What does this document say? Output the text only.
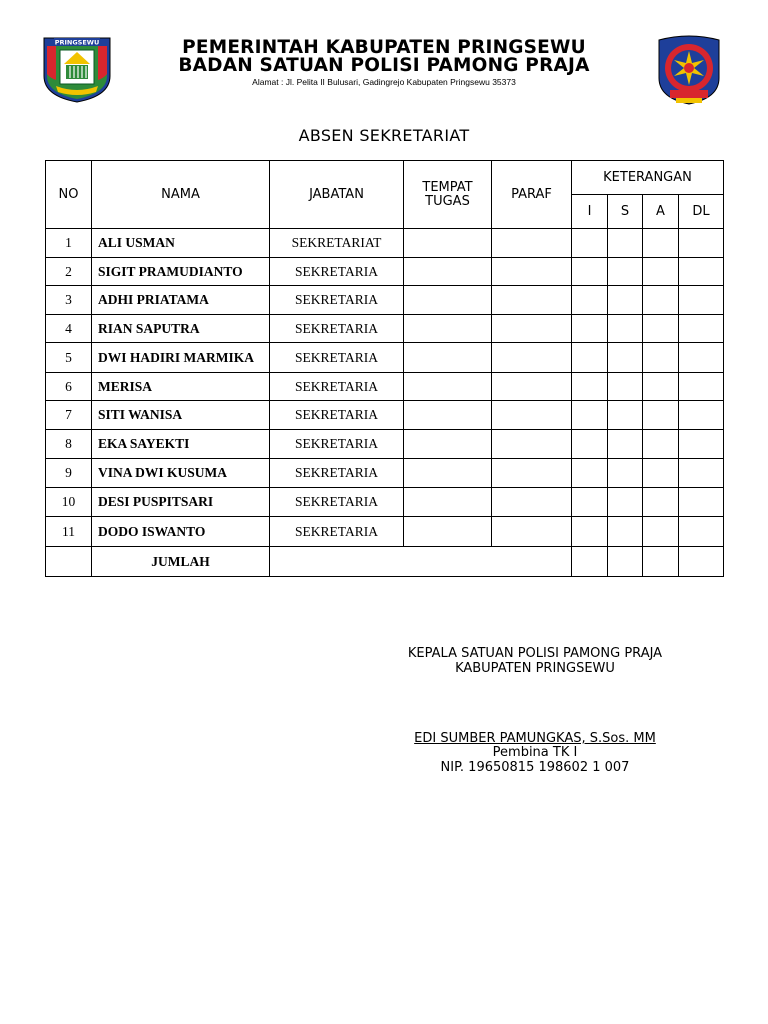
PRINGSEWU	PEMERINTAH KABUPATEN PRINGSEWU
BADAN SATUAN POLISI PAMONG PRAJA
Alamat : Jl. Pelita II Bulusari, Gadingrejo Kabupaten Pringsewu 35373
ABSEN SEKRETARIAT
NO	NAMA	JABATAN	TEMPAT
TUGAS	PARAF	KETERANGAN			
					I	S	A	DL
1	ALI USMAN	SEKRETARIAT						
2	SIGIT PRAMUDIANTO	SEKRETARIA						
3	ADHI PRIATAMA	SEKRETARIA						
4	RIAN SAPUTRA	SEKRETARIA						
5	DWI HADIRI MARMIKA	SEKRETARIA						
6	MERISA	SEKRETARIA						
7	SITI WANISA	SEKRETARIA						
8	EKA SAYEKTI	SEKRETARIA						
9	VINA DWI KUSUMA	SEKRETARIA						
10	DESI PUSPITSARI	SEKRETARIA						
11	DODO ISWANTO	SEKRETARIA						
	JUMLAH							
KEPALA SATUAN POLISI PAMONG PRAJA
KABUPATEN PRINGSEWU
EDI SUMBER PAMUNGKAS, S.Sos. MM
Pembina TK I
NIP. 19650815 198602 1 007
